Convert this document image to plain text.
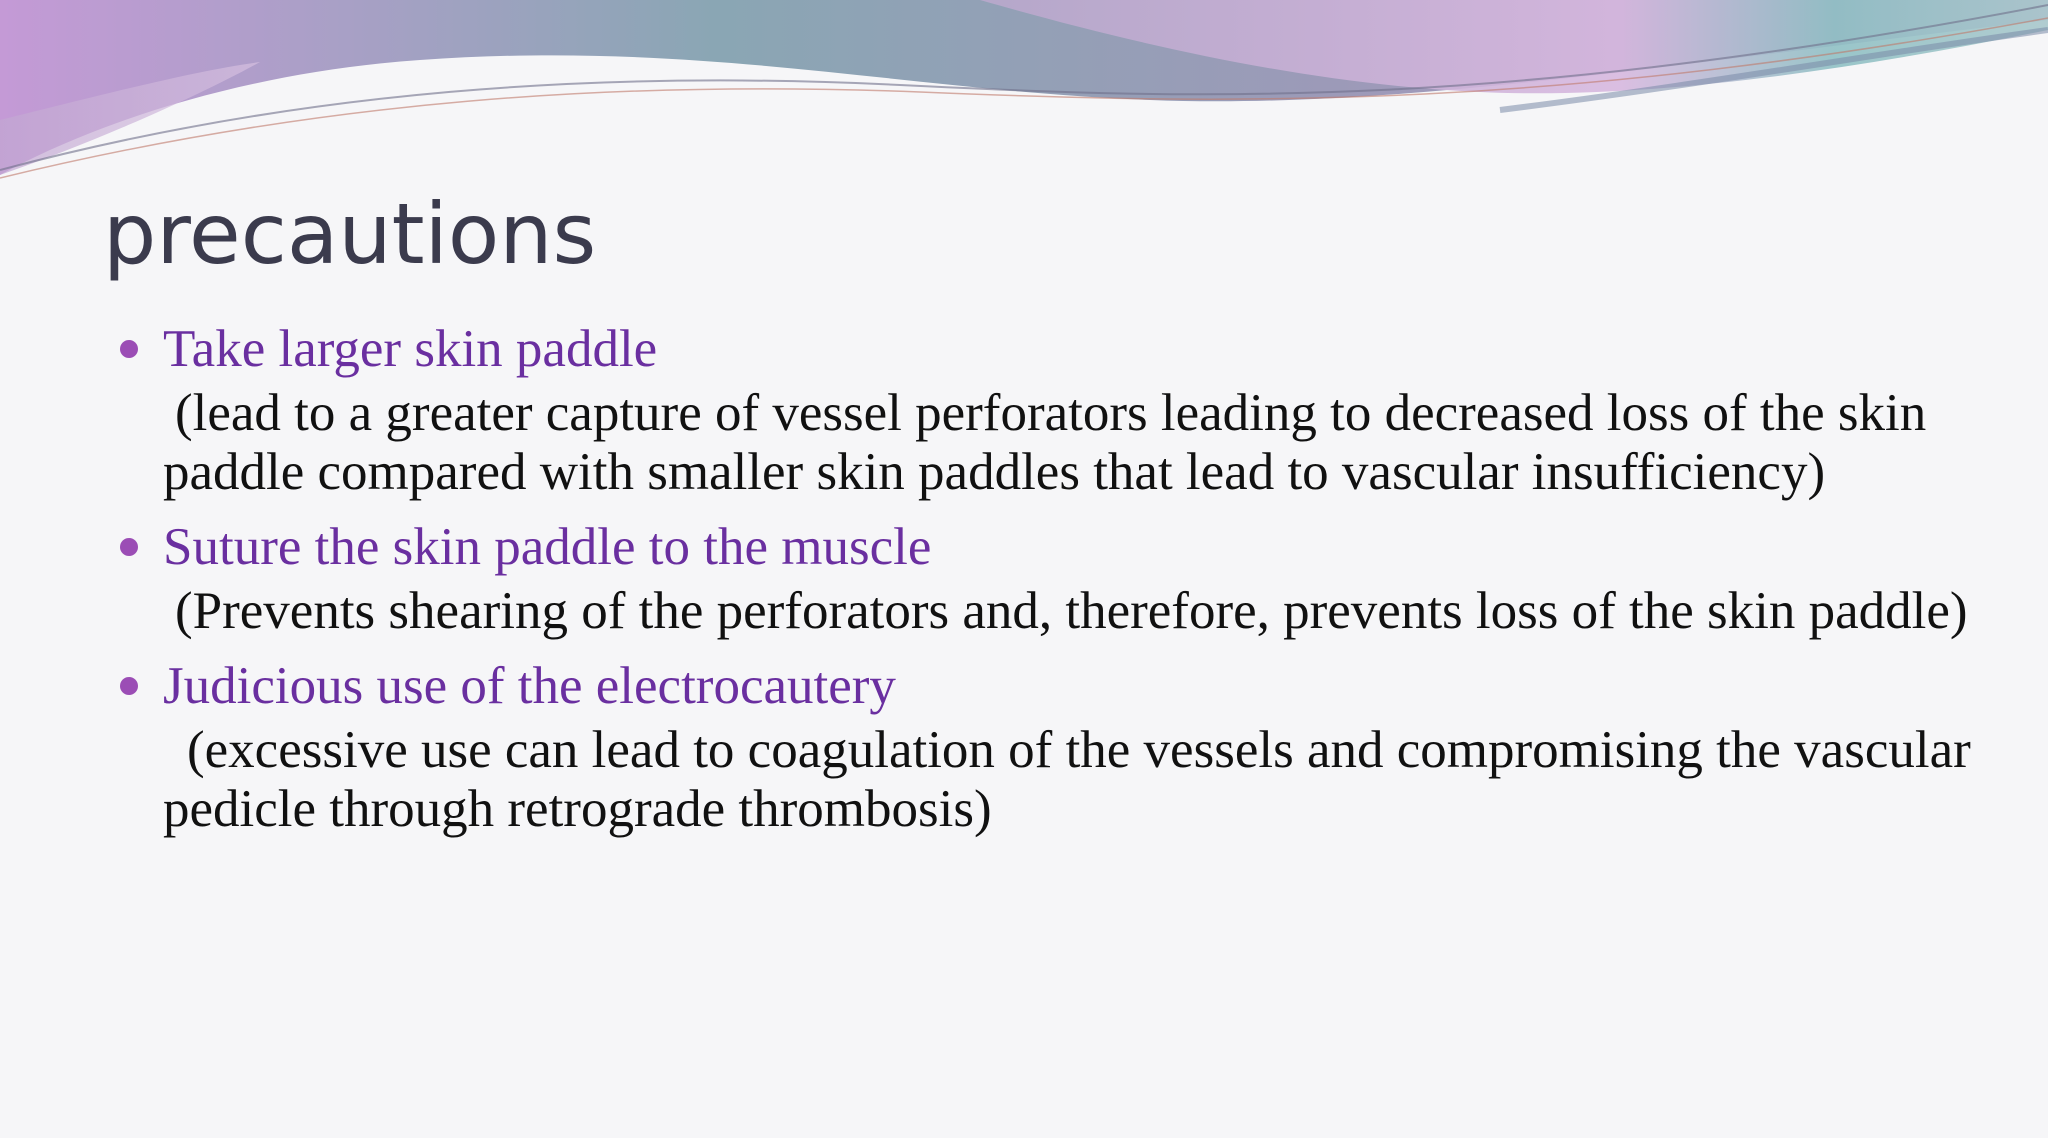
precautions

Take larger skin paddle

(lead to a greater capture of vessel perforators leading to decreased loss of the skin paddle compared with smaller skin paddles that lead to vascular insufficiency)

Suture the skin paddle to the muscle

(Prevents shearing of the perforators and, therefore, prevents loss of the skin paddle)

Judicious use of the electrocautery

(excessive use can lead to coagulation of the vessels and compromising the vascular pedicle through retrograde thrombosis)
